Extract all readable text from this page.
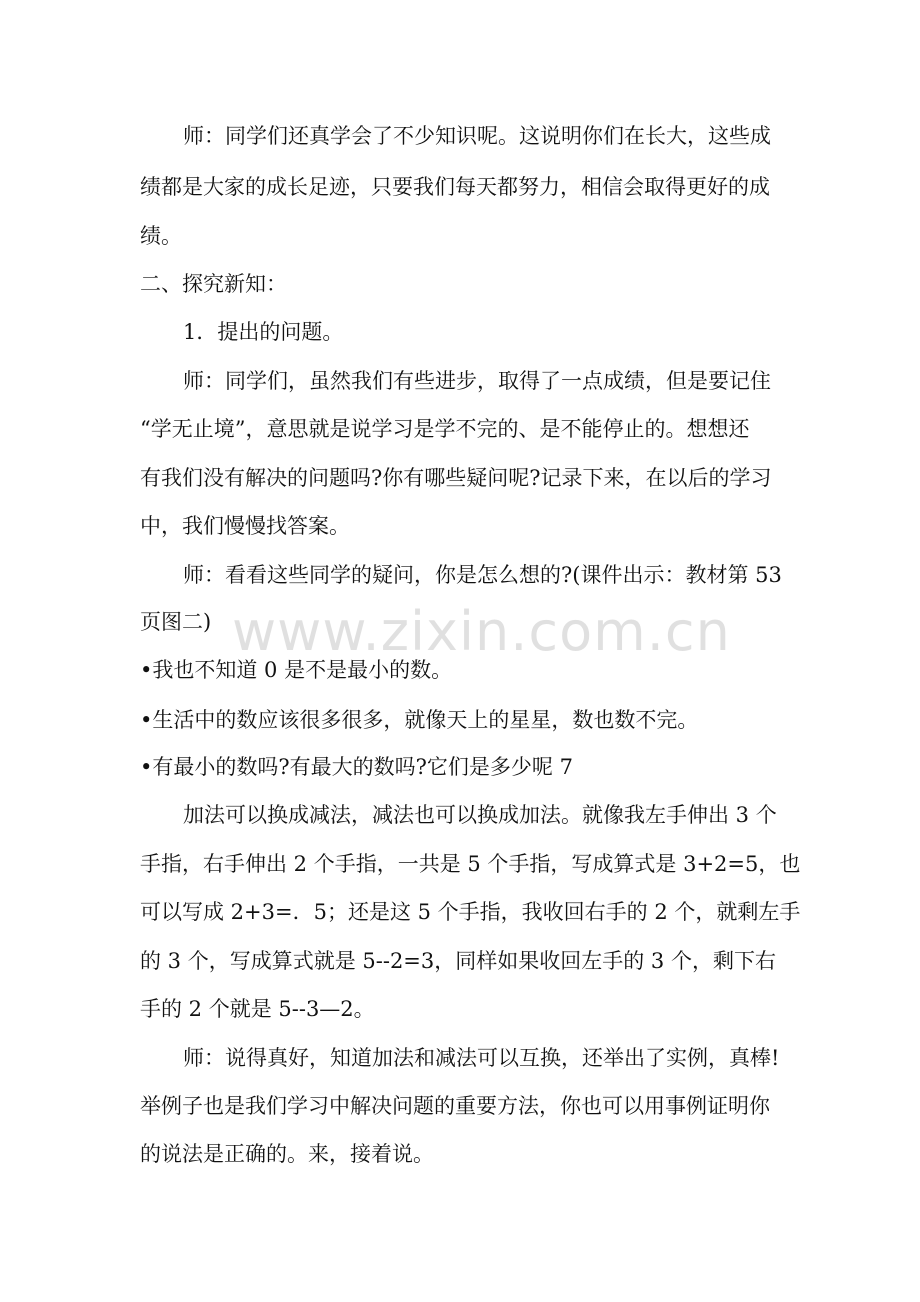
师：同学们还真学会了不少知识呢。这说明你们在长大，这些成
绩都是大家的成长足迹，只要我们每天都努力，相信会取得更好的成
绩。
二、探究新知：
1．提出的问题。
师：同学们，虽然我们有些进步，取得了一点成绩，但是要记住
“学无止境”，意思就是说学习是学不完的、是不能停止的。想想还
有我们没有解决的问题吗?你有哪些疑问呢?记录下来，在以后的学习
中，我们慢慢找答案。
师：看看这些同学的疑问，你是怎么想的?(课件出示：教材第 53
页图二)
•我也不知道 0 是不是最小的数。
•生活中的数应该很多很多，就像天上的星星，数也数不完。
•有最小的数吗?有最大的数吗?它们是多少呢 7
加法可以换成减法，减法也可以换成加法。就像我左手伸出 3 个
手指，右手伸出 2 个手指，一共是 5 个手指，写成算式是 3+2=5，也
可以写成 2+3=．5；还是这 5 个手指，我收回右手的 2 个，就剩左手
的 3 个，写成算式就是 5--2=3，同样如果收回左手的 3 个，剩下右
手的 2 个就是 5--3—2。
师：说得真好，知道加法和减法可以互换，还举出了实例，真棒!
举例子也是我们学习中解决问题的重要方法，你也可以用事例证明你
的说法是正确的。来，接着说。
www.zixin.com.cn
